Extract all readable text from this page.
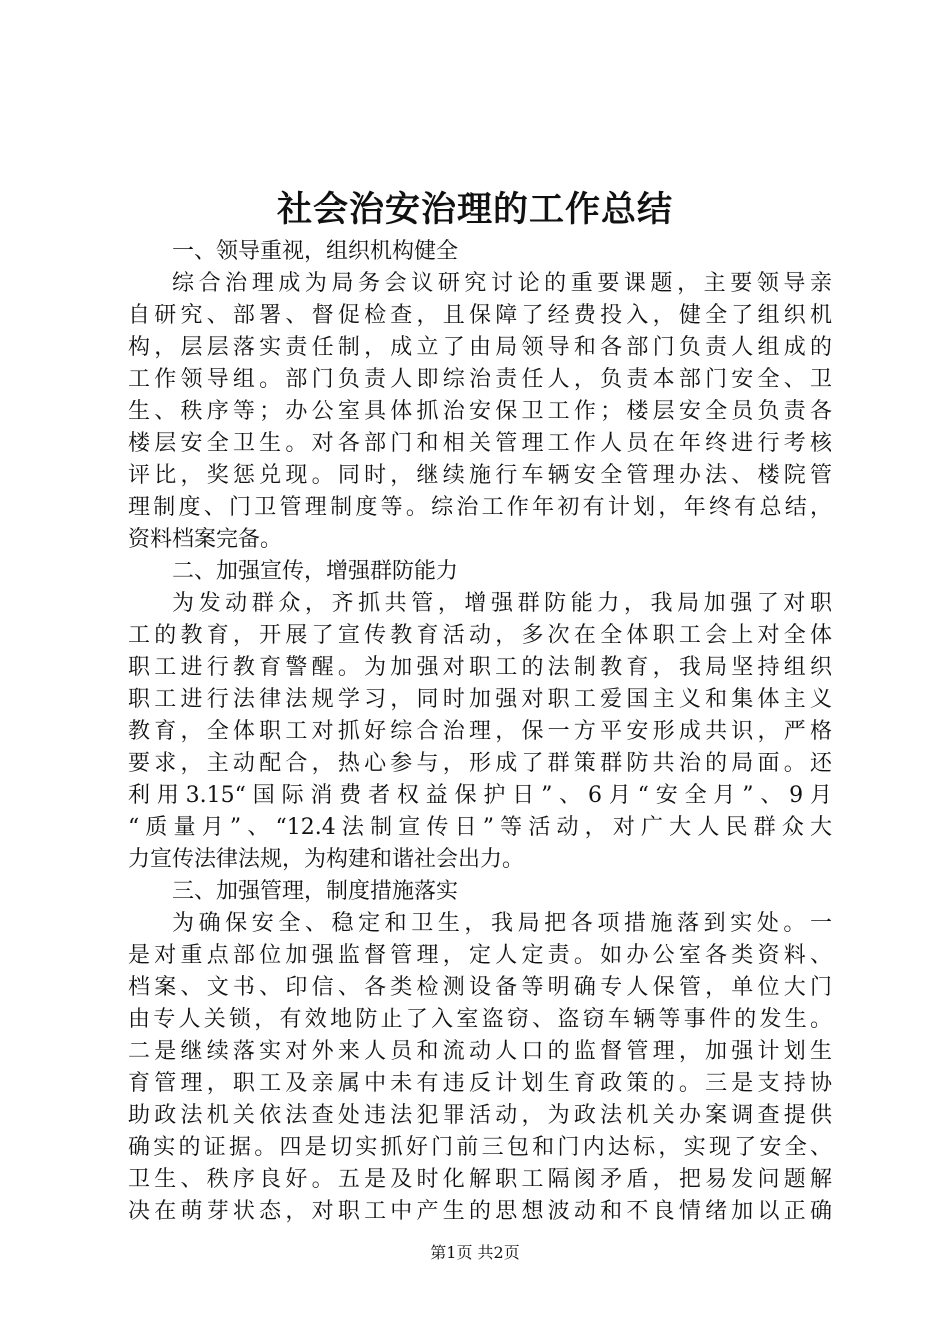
社会治安治理的工作总结
一、领导重视，组织机构健全
综合治理成为局务会议研究讨论的重要课题，主要领导亲
自研究、部署、督促检查，且保障了经费投入，健全了组织机
构，层层落实责任制，成立了由局领导和各部门负责人组成的
工作领导组。部门负责人即综治责任人，负责本部门安全、卫
生、秩序等；办公室具体抓治安保卫工作；楼层安全员负责各
楼层安全卫生。对各部门和相关管理工作人员在年终进行考核
评比，奖惩兑现。同时，继续施行车辆安全管理办法、楼院管
理制度、门卫管理制度等。综治工作年初有计划，年终有总结，
资料档案完备。
二、加强宣传，增强群防能力
为发动群众，齐抓共管，增强群防能力，我局加强了对职
工的教育，开展了宣传教育活动，多次在全体职工会上对全体
职工进行教育警醒。为加强对职工的法制教育，我局坚持组织
职工进行法律法规学习，同时加强对职工爱国主义和集体主义
教育，全体职工对抓好综合治理，保一方平安形成共识，严格
要求，主动配合，热心参与，形成了群策群防共治的局面。还
利用3.15“国际消费者权益保护日”、6月“安全月”、9月
“质量月”、“12.4法制宣传日”等活动，对广大人民群众大
力宣传法律法规，为构建和谐社会出力。
三、加强管理，制度措施落实
为确保安全、稳定和卫生，我局把各项措施落到实处。一
是对重点部位加强监督管理，定人定责。如办公室各类资料、
档案、文书、印信、各类检测设备等明确专人保管，单位大门
由专人关锁，有效地防止了入室盗窃、盗窃车辆等事件的发生。
二是继续落实对外来人员和流动人口的监督管理，加强计划生
育管理，职工及亲属中未有违反计划生育政策的。三是支持协
助政法机关依法查处违法犯罪活动，为政法机关办案调查提供
确实的证据。四是切实抓好门前三包和门内达标，实现了安全、
卫生、秩序良好。五是及时化解职工隔阂矛盾，把易发问题解
决在萌芽状态，对职工中产生的思想波动和不良情绪加以正确
第1页 共2页
